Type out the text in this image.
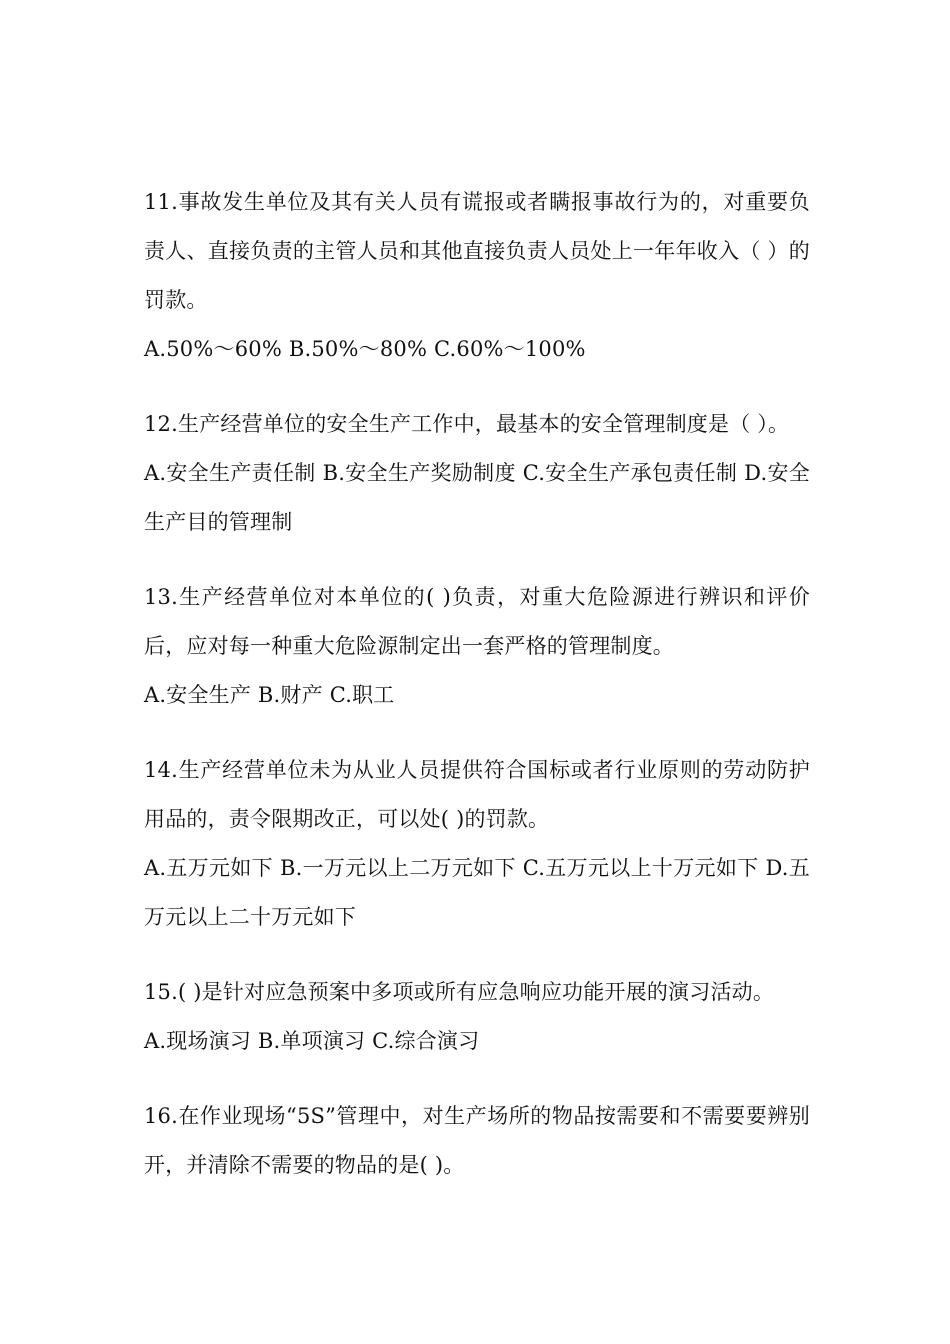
11.事故发生单位及其有关人员有谎报或者瞒报事故行为的，对重要负责人、直接负责的主管人员和其他直接负责人员处上一年年收入（ ）的罚款。

A.50%～60% B.50%～80% C.60%～100%

12.生产经营单位的安全生产工作中，最基本的安全管理制度是（ ）。

A.安全生产责任制 B.安全生产奖励制度 C.安全生产承包责任制 D.安全生产目的管理制

13.生产经营单位对本单位的( )负责，对重大危险源进行辨识和评价后，应对每一种重大危险源制定出一套严格的管理制度。

A.安全生产 B.财产 C.职工

14.生产经营单位未为从业人员提供符合国标或者行业原则的劳动防护用品的，责令限期改正，可以处( )的罚款。

A.五万元如下 B.一万元以上二万元如下 C.五万元以上十万元如下 D.五万元以上二十万元如下

15.( )是针对应急预案中多项或所有应急响应功能开展的演习活动。

A.现场演习 B.单项演习 C.综合演习

16.在作业现场“5S”管理中，对生产场所的物品按需要和不需要要辨别开，并清除不需要的物品的是( )。
